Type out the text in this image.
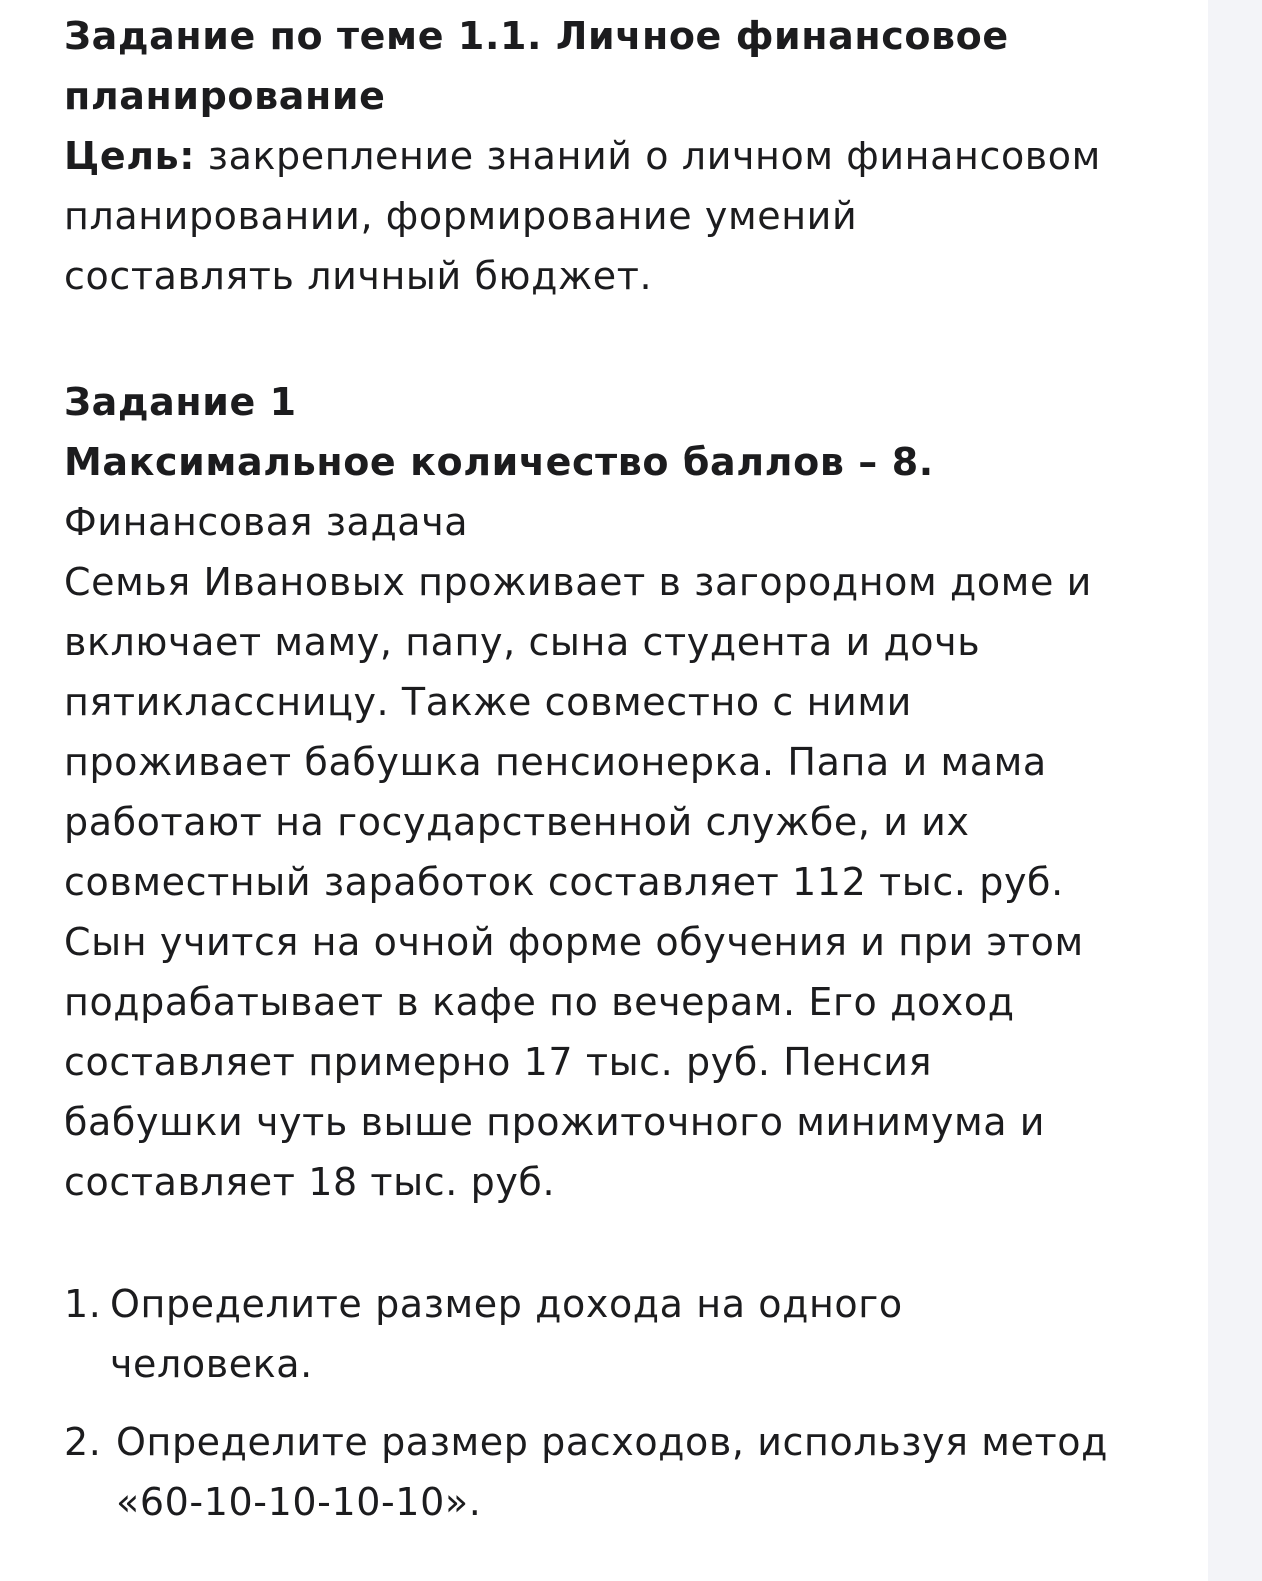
Задание по теме 1.1. Личное финансовое
планирование
Цель: закрепление знаний о личном финансовом
планировании, формирование умений
составлять личный бюджет.
Задание 1
Максимальное количество баллов – 8.
Финансовая задача
Семья Ивановых проживает в загородном доме и
включает маму, папу, сына студента и дочь
пятиклассницу. Также совместно с ними
проживает бабушка пенсионерка. Папа и мама
работают на государственной службе, и их
совместный заработок составляет 112 тыс. руб.
Сын учится на очной форме обучения и при этом
подрабатывает в кафе по вечерам. Его доход
составляет примерно 17 тыс. руб. Пенсия
бабушки чуть выше прожиточного минимума и
составляет 18 тыс. руб.
1. Определите размер дохода на одного
человека.
2. Определите размер расходов, используя метод
«60-10-10-10-10».
